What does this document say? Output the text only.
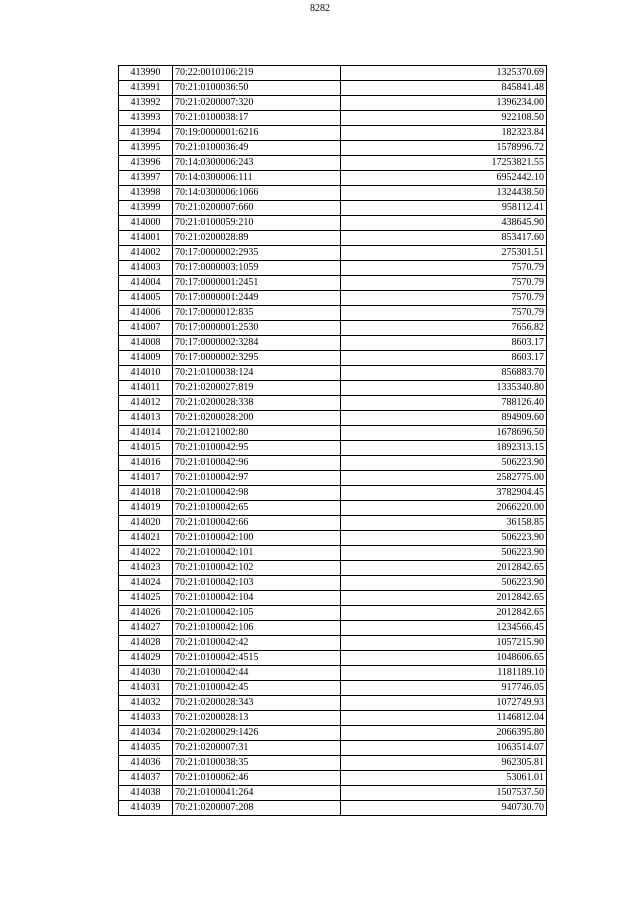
8282
413990	70:22:0010106:219	1325370.69
413991	70:21:0100036:50	845841.48
413992	70:21:0200007:320	1396234.00
413993	70:21:0100038:17	922108.50
413994	70:19:0000001:6216	182323.84
413995	70:21:0100036:49	1578996.72
413996	70:14:0300006:243	17253821.55
413997	70:14:0300006:111	6952442.10
413998	70:14:0300006:1066	1324438.50
413999	70:21:0200007:660	958112.41
414000	70:21:0100059:210	438645.90
414001	70:21:0200028:89	853417.60
414002	70:17:0000002:2935	275301.51
414003	70:17:0000003:1059	7570.79
414004	70:17:0000001:2451	7570.79
414005	70:17:0000001:2449	7570.79
414006	70:17:0000012:835	7570.79
414007	70:17:0000001:2530	7656.82
414008	70:17:0000002:3284	8603.17
414009	70:17:0000002:3295	8603.17
414010	70:21:0100038:124	856883.70
414011	70:21:0200027:819	1335340.80
414012	70:21:0200028:338	788126.40
414013	70:21:0200028:200	894909.60
414014	70:21:0121002:80	1678696.50
414015	70:21:0100042:95	1892313.15
414016	70:21:0100042:96	506223.90
414017	70:21:0100042:97	2582775.00
414018	70:21:0100042:98	3782904.45
414019	70:21:0100042:65	2066220.00
414020	70:21:0100042:66	36158.85
414021	70:21:0100042:100	506223.90
414022	70:21:0100042:101	506223.90
414023	70:21:0100042:102	2012842.65
414024	70:21:0100042:103	506223.90
414025	70:21:0100042:104	2012842.65
414026	70:21:0100042:105	2012842.65
414027	70:21:0100042:106	1234566.45
414028	70:21:0100042:42	1057215.90
414029	70:21:0100042:4515	1048606.65
414030	70:21:0100042:44	1181189.10
414031	70:21:0100042:45	917746.05
414032	70:21:0200028:343	1072749.93
414033	70:21:0200028:13	1146812.04
414034	70:21:0200029:1426	2066395.80
414035	70:21:0200007:31	1063514.07
414036	70:21:0100038:35	962305.81
414037	70:21:0100062:46	53061.01
414038	70:21:0100041:264	1507537.50
414039	70:21:0200007:208	940730.70
